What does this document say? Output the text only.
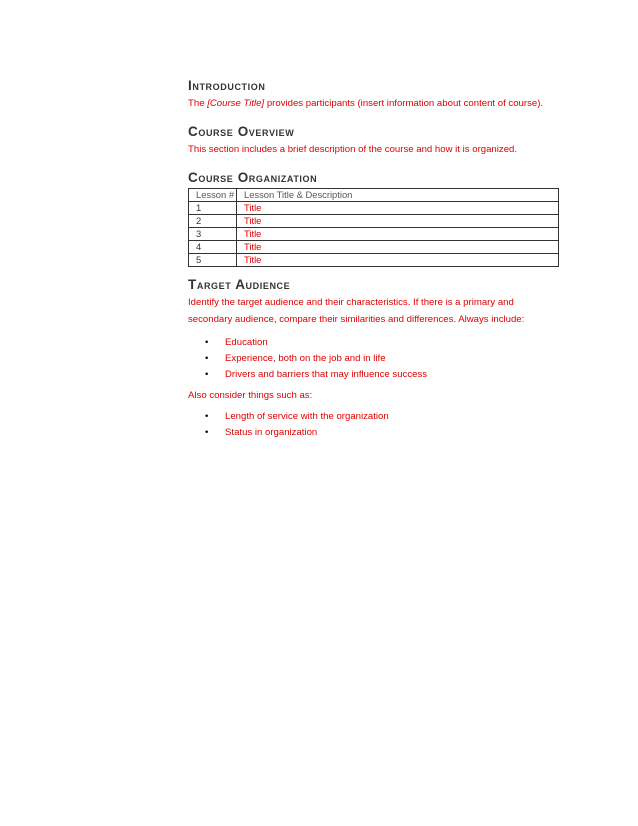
Introduction

The [Course Title] provides participants (insert information about content of course).

Course Overview

This section includes a brief description of the course and how it is organized.

Course Organization
Lesson #	Lesson Title & Description
1	Title
2	Title
3	Title
4	Title
5	Title
Target Audience

Identify the target audience and their characteristics. If there is a primary and secondary audience, compare their similarities and differences. Always include:

• Education
• Experience, both on the job and in life
• Drivers and barriers that may influence success

Also consider things such as:

• Length of service with the organization
• Status in organization
